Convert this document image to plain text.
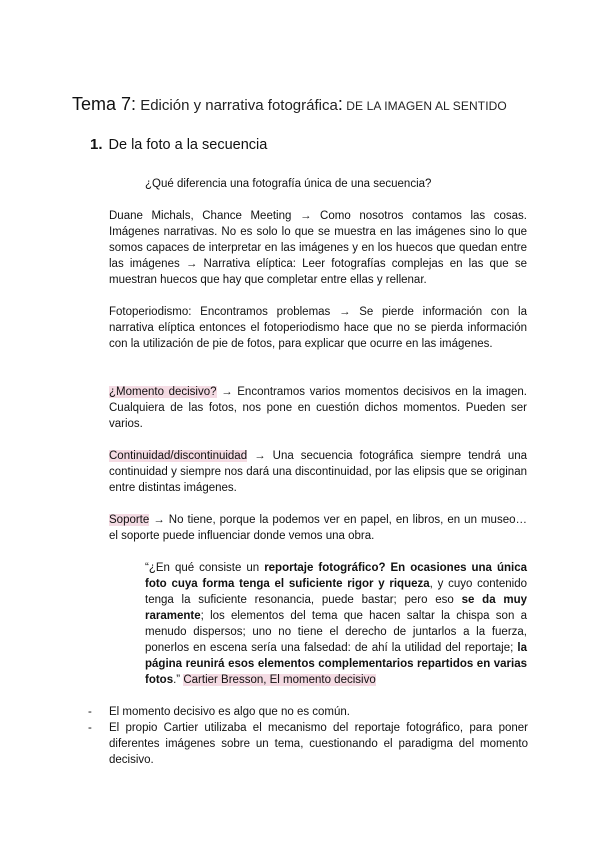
Tema 7: Edición y narrativa fotográfica: DE LA IMAGEN AL SENTIDO
1. De la foto a la secuencia
¿Qué diferencia una fotografía única de una secuencia?
Duane Michals, Chance Meeting → Como nosotros contamos las cosas. Imágenes narrativas. No es solo lo que se muestra en las imágenes sino lo que somos capaces de interpretar en las imágenes y en los huecos que quedan entre las imágenes → Narrativa elíptica: Leer fotografías complejas en las que se muestran huecos que hay que completar entre ellas y rellenar.
Fotoperiodismo: Encontramos problemas → Se pierde información con la narrativa elíptica entonces el fotoperiodismo hace que no se pierda información con la utilización de pie de fotos, para explicar que ocurre en las imágenes.
¿Momento decisivo? → Encontramos varios momentos decisivos en la imagen. Cualquiera de las fotos, nos pone en cuestión dichos momentos. Pueden ser varios.
Continuidad/discontinuidad → Una secuencia fotográfica siempre tendrá una continuidad y siempre nos dará una discontinuidad, por las elipsis que se originan entre distintas imágenes.
Soporte → No tiene, porque la podemos ver en papel, en libros, en un museo… el soporte puede influenciar donde vemos una obra.
“¿En qué consiste un reportaje fotográfico? En ocasiones una única foto cuya forma tenga el suficiente rigor y riqueza, y cuyo contenido tenga la suficiente resonancia, puede bastar; pero eso se da muy raramente; los elementos del tema que hacen saltar la chispa son a menudo dispersos; uno no tiene el derecho de juntarlos a la fuerza, ponerlos en escena sería una falsedad: de ahí la utilidad del reportaje; la página reunirá esos elementos complementarios repartidos en varias fotos.” Cartier Bresson, El momento decisivo
-	El momento decisivo es algo que no es común.
-	El propio Cartier utilizaba el mecanismo del reportaje fotográfico, para poner diferentes imágenes sobre un tema, cuestionando el paradigma del momento decisivo.
